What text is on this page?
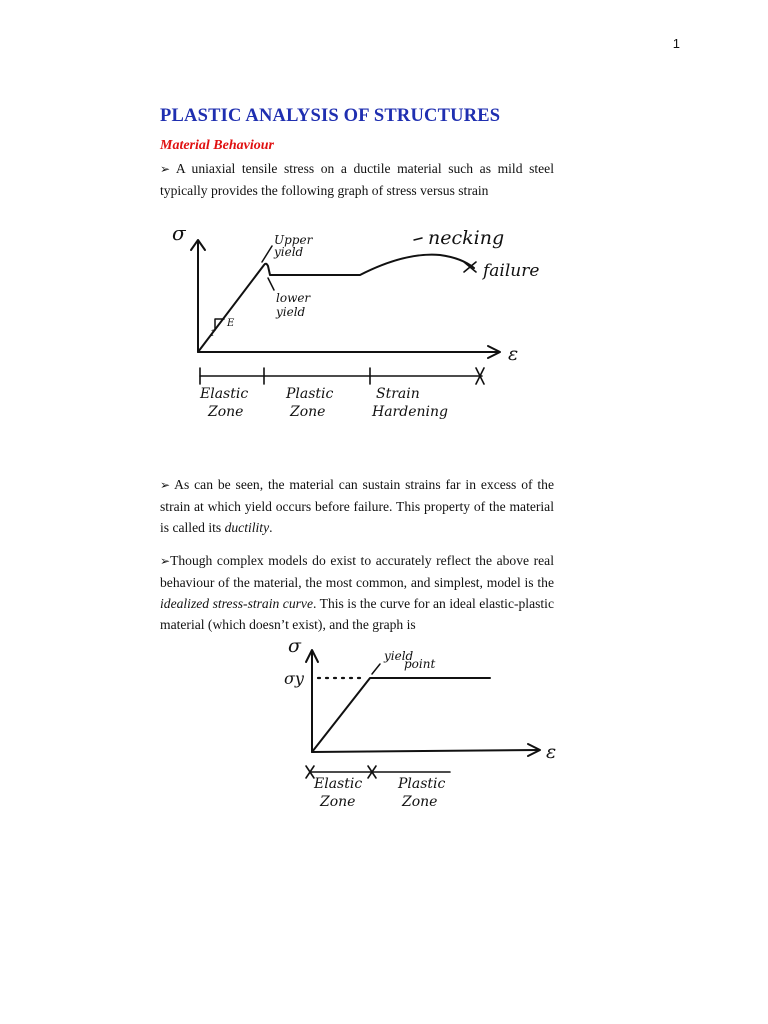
1
PLASTIC ANALYSIS OF STRUCTURES
Material Behaviour

➢ A uniaxial tensile stress on a ductile material such as mild steel typically provides the following graph of stress versus strain

➢ As can be seen, the material can sustain strains far in excess of the strain at which yield occurs before failure. This property of the material is called its ductility.

➢Though complex models do exist to accurately reflect the above real behaviour of the material, the most common, and simplest, model is the idealized stress-strain curve. This is the curve for an ideal elastic-plastic material (which doesn’t exist), and the graph is

σ
ε
E
1
Upper
yield
lower
yield
necking
failure
Elastic
Zone
Plastic
Zone
Strain
Hardening
σ
ε
σy
yield
point
Elastic
Zone
Plastic
Zone
